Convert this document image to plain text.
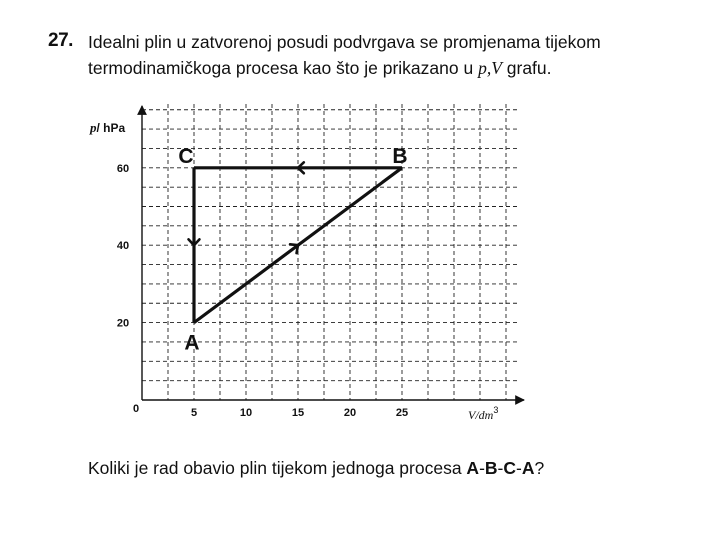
27. Idealni plin u zatvorenoj posudi podvrgava se promjenama tijekom
termodinamičkoga procesa kao što je prikazano u p,V grafu.
5	10	15	20	25
20
40
60
A
B
C
p/ hPa
$V/dm^3$
0
Koliki je rad obavio plin tijekom jednoga procesa A-B-C-A?
